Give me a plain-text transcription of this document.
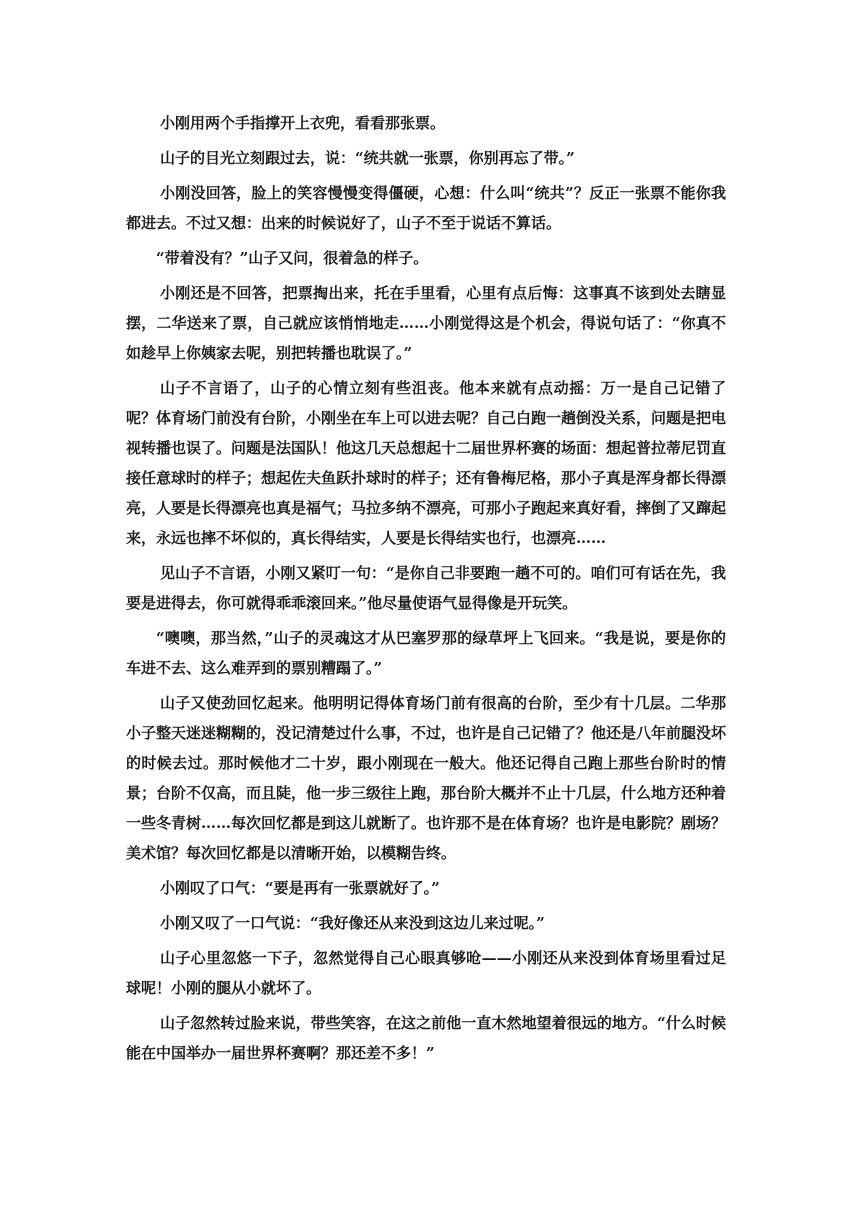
小刚用两个手指撑开上衣兜，看看那张票。

山子的目光立刻跟过去，说：“统共就一张票，你别再忘了带。”

小刚没回答，脸上的笑容慢慢变得僵硬，心想：什么叫“统共”？反正一张票不能你我都进去。不过又想：出来的时候说好了，山子不至于说话不算话。

“带着没有？”山子又问，很着急的样子。

小刚还是不回答，把票掏出来，托在手里看，心里有点后悔：这事真不该到处去瞎显摆，二华送来了票，自己就应该悄悄地走……小刚觉得这是个机会，得说句话了：“你真不如趁早上你姨家去呢，别把转播也耽误了。”

山子不言语了，山子的心情立刻有些沮丧。他本来就有点动摇：万一是自己记错了呢？体育场门前没有台阶，小刚坐在车上可以进去呢？自己白跑一趟倒没关系，问题是把电视转播也误了。问题是法国队！他这几天总想起十二届世界杯赛的场面：想起普拉蒂尼罚直接任意球时的样子；想起佐夫鱼跃扑球时的样子；还有鲁梅尼格，那小子真是浑身都长得漂亮，人要是长得漂亮也真是福气；马拉多纳不漂亮，可那小子跑起来真好看，摔倒了又蹿起来，永远也摔不坏似的，真长得结实，人要是长得结实也行，也漂亮……

见山子不言语，小刚又紧叮一句：“是你自己非要跑一趟不可的。咱们可有话在先，我要是进得去，你可就得乖乖滚回来。”他尽量使语气显得像是开玩笑。

“噢噢，那当然，”山子的灵魂这才从巴塞罗那的绿草坪上飞回来。“我是说，要是你的车进不去、这么难弄到的票别糟蹋了。”

山子又使劲回忆起来。他明明记得体育场门前有很高的台阶，至少有十几层。二华那小子整天迷迷糊糊的，没记清楚过什么事，不过，也许是自己记错了？他还是八年前腿没坏的时候去过。那时候他才二十岁，跟小刚现在一般大。他还记得自己跑上那些台阶时的情景；台阶不仅高，而且陡，他一步三级往上跑，那台阶大概并不止十几层，什么地方还种着一些冬青树……每次回忆都是到这儿就断了。也许那不是在体育场？也许是电影院？剧场？美术馆？每次回忆都是以清晰开始，以模糊告终。

小刚叹了口气：“要是再有一张票就好了。”

小刚又叹了一口气说：“我好像还从来没到这边儿来过呢。”

山子心里忽悠一下子，忽然觉得自己心眼真够呛——小刚还从来没到体育场里看过足球呢！小刚的腿从小就坏了。

山子忽然转过脸来说，带些笑容，在这之前他一直木然地望着很远的地方。“什么时候能在中国举办一届世界杯赛啊？那还差不多！”
